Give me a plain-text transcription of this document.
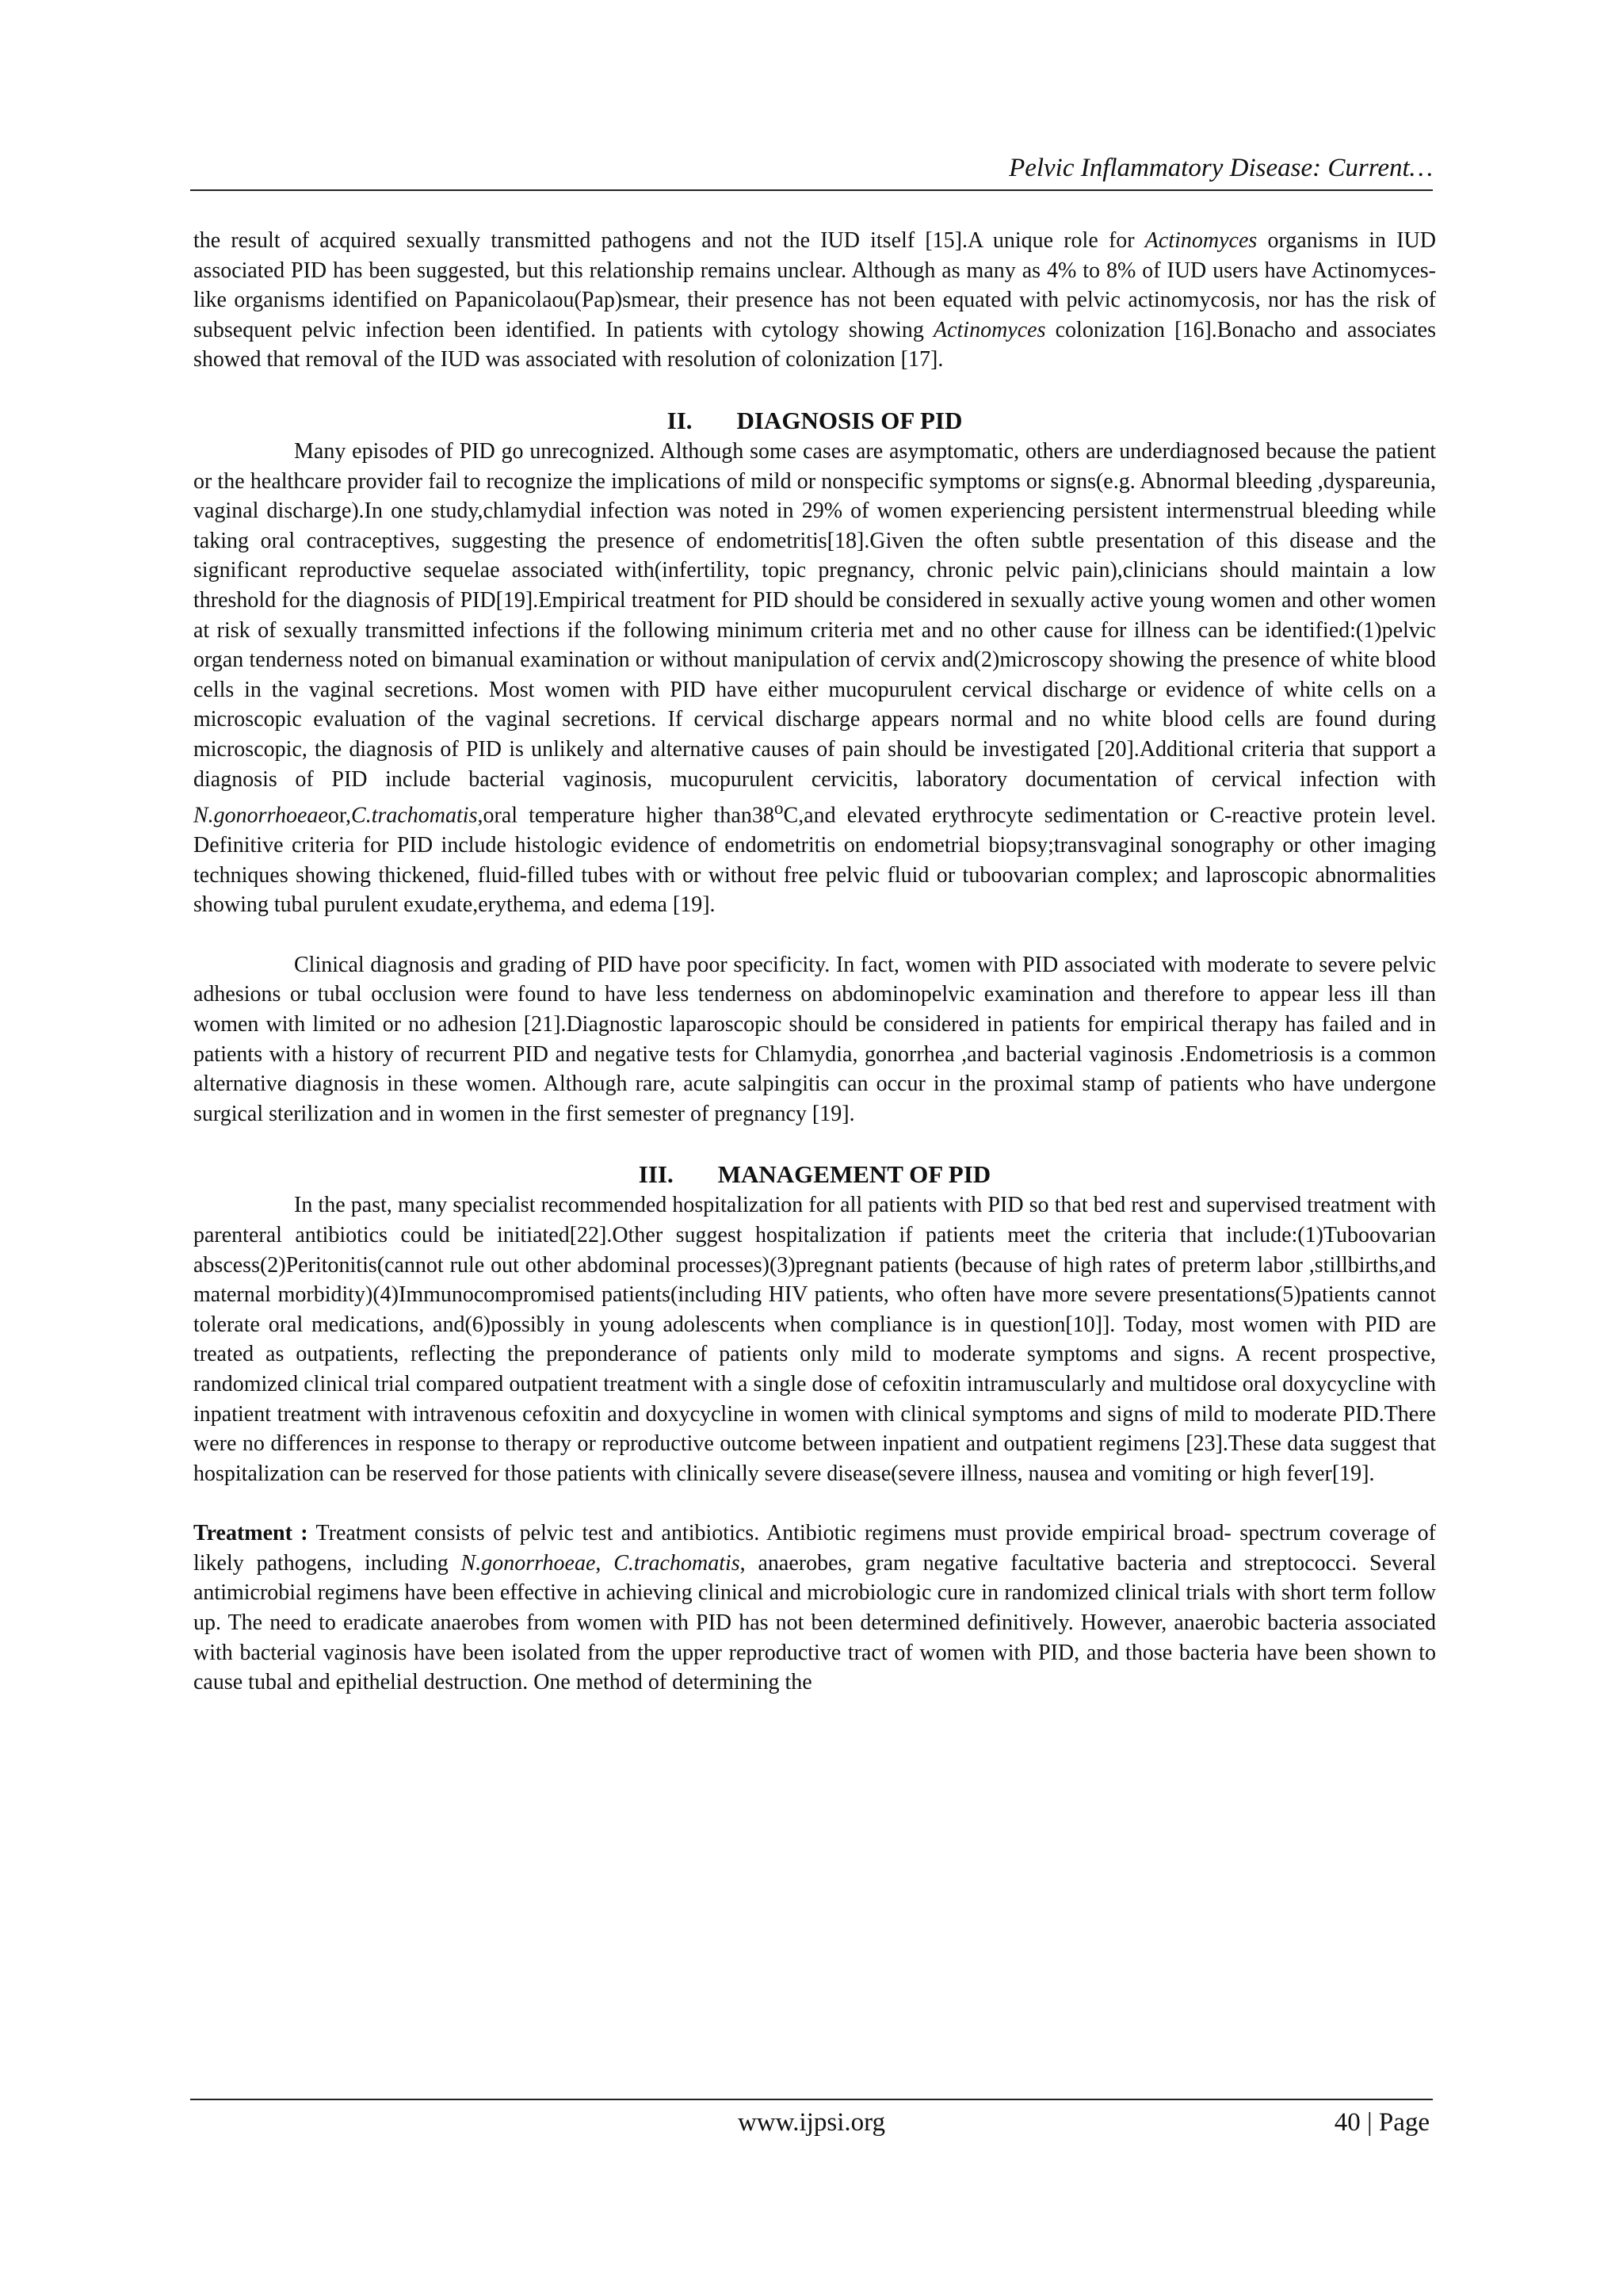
Pelvic Inflammatory Disease: Current…

the result of acquired sexually transmitted pathogens and not the IUD itself [15].A unique role for Actinomyces organisms in IUD associated PID has been suggested, but this relationship remains unclear. Although as many as 4% to 8% of IUD users have Actinomyces-like organisms identified on Papanicolaou(Pap)smear, their presence has not been equated with pelvic actinomycosis, nor has the risk of subsequent pelvic infection been identified. In patients with cytology showing Actinomyces colonization [16].Bonacho and associates showed that removal of the IUD was associated with resolution of colonization [17].

II. DIAGNOSIS OF PID

Many episodes of PID go unrecognized. Although some cases are asymptomatic, others are underdiagnosed because the patient or the healthcare provider fail to recognize the implications of mild or nonspecific symptoms or signs(e.g. Abnormal bleeding ,dyspareunia, vaginal discharge).In one study,chlamydial infection was noted in 29% of women experiencing persistent intermenstrual bleeding while taking oral contraceptives, suggesting the presence of endometritis[18].Given the often subtle presentation of this disease and the significant reproductive sequelae associated with(infertility, topic pregnancy, chronic pelvic pain),clinicians should maintain a low threshold for the diagnosis of PID[19].Empirical treatment for PID should be considered in sexually active young women and other women at risk of sexually transmitted infections if the following minimum criteria met and no other cause for illness can be identified:(1)pelvic organ tenderness noted on bimanual examination or without manipulation of cervix and(2)microscopy showing the presence of white blood cells in the vaginal secretions. Most women with PID have either mucopurulent cervical discharge or evidence of white cells on a microscopic evaluation of the vaginal secretions. If cervical discharge appears normal and no white blood cells are found during microscopic, the diagnosis of PID is unlikely and alternative causes of pain should be investigated [20].Additional criteria that support a diagnosis of PID include bacterial vaginosis, mucopurulent cervicitis, laboratory documentation of cervical infection with N.gonorrhoeaeor,C.trachomatis,oral temperature higher than38$^o$C,and elevated erythrocyte sedimentation or C-reactive protein level. Definitive criteria for PID include histologic evidence of endometritis on endometrial biopsy;transvaginal sonography or other imaging techniques showing thickened, fluid-filled tubes with or without free pelvic fluid or tuboovarian complex; and laproscopic abnormalities showing tubal purulent exudate,erythema, and edema [19].

Clinical diagnosis and grading of PID have poor specificity. In fact, women with PID associated with moderate to severe pelvic adhesions or tubal occlusion were found to have less tenderness on abdominopelvic examination and therefore to appear less ill than women with limited or no adhesion [21].Diagnostic laparoscopic should be considered in patients for empirical therapy has failed and in patients with a history of recurrent PID and negative tests for Chlamydia, gonorrhea ,and bacterial vaginosis .Endometriosis is a common alternative diagnosis in these women. Although rare, acute salpingitis can occur in the proximal stamp of patients who have undergone surgical sterilization and in women in the first semester of pregnancy [19].

III. MANAGEMENT OF PID

In the past, many specialist recommended hospitalization for all patients with PID so that bed rest and supervised treatment with parenteral antibiotics could be initiated[22].Other suggest hospitalization if patients meet the criteria that include:(1)Tuboovarian abscess(2)Peritonitis(cannot rule out other abdominal processes)(3)pregnant patients (because of high rates of preterm labor ,stillbirths,and maternal morbidity)(4)Immunocompromised patients(including HIV patients, who often have more severe presentations(5)patients cannot tolerate oral medications, and(6)possibly in young adolescents when compliance is in question[10]]. Today, most women with PID are treated as outpatients, reflecting the preponderance of patients only mild to moderate symptoms and signs. A recent prospective, randomized clinical trial compared outpatient treatment with a single dose of cefoxitin intramuscularly and multidose oral doxycycline with inpatient treatment with intravenous cefoxitin and doxycycline in women with clinical symptoms and signs of mild to moderate PID.There were no differences in response to therapy or reproductive outcome between inpatient and outpatient regimens [23].These data suggest that hospitalization can be reserved for those patients with clinically severe disease(severe illness, nausea and vomiting or high fever[19].

Treatment : Treatment consists of pelvic test and antibiotics. Antibiotic regimens must provide empirical broad- spectrum coverage of likely pathogens, including N.gonorrhoeae, C.trachomatis, anaerobes, gram negative facultative bacteria and streptococci. Several antimicrobial regimens have been effective in achieving clinical and microbiologic cure in randomized clinical trials with short term follow up. The need to eradicate anaerobes from women with PID has not been determined definitively. However, anaerobic bacteria associated with bacterial vaginosis have been isolated from the upper reproductive tract of women with PID, and those bacteria have been shown to cause tubal and epithelial destruction. One method of determining the

www.ijpsi.org	40 | Page
